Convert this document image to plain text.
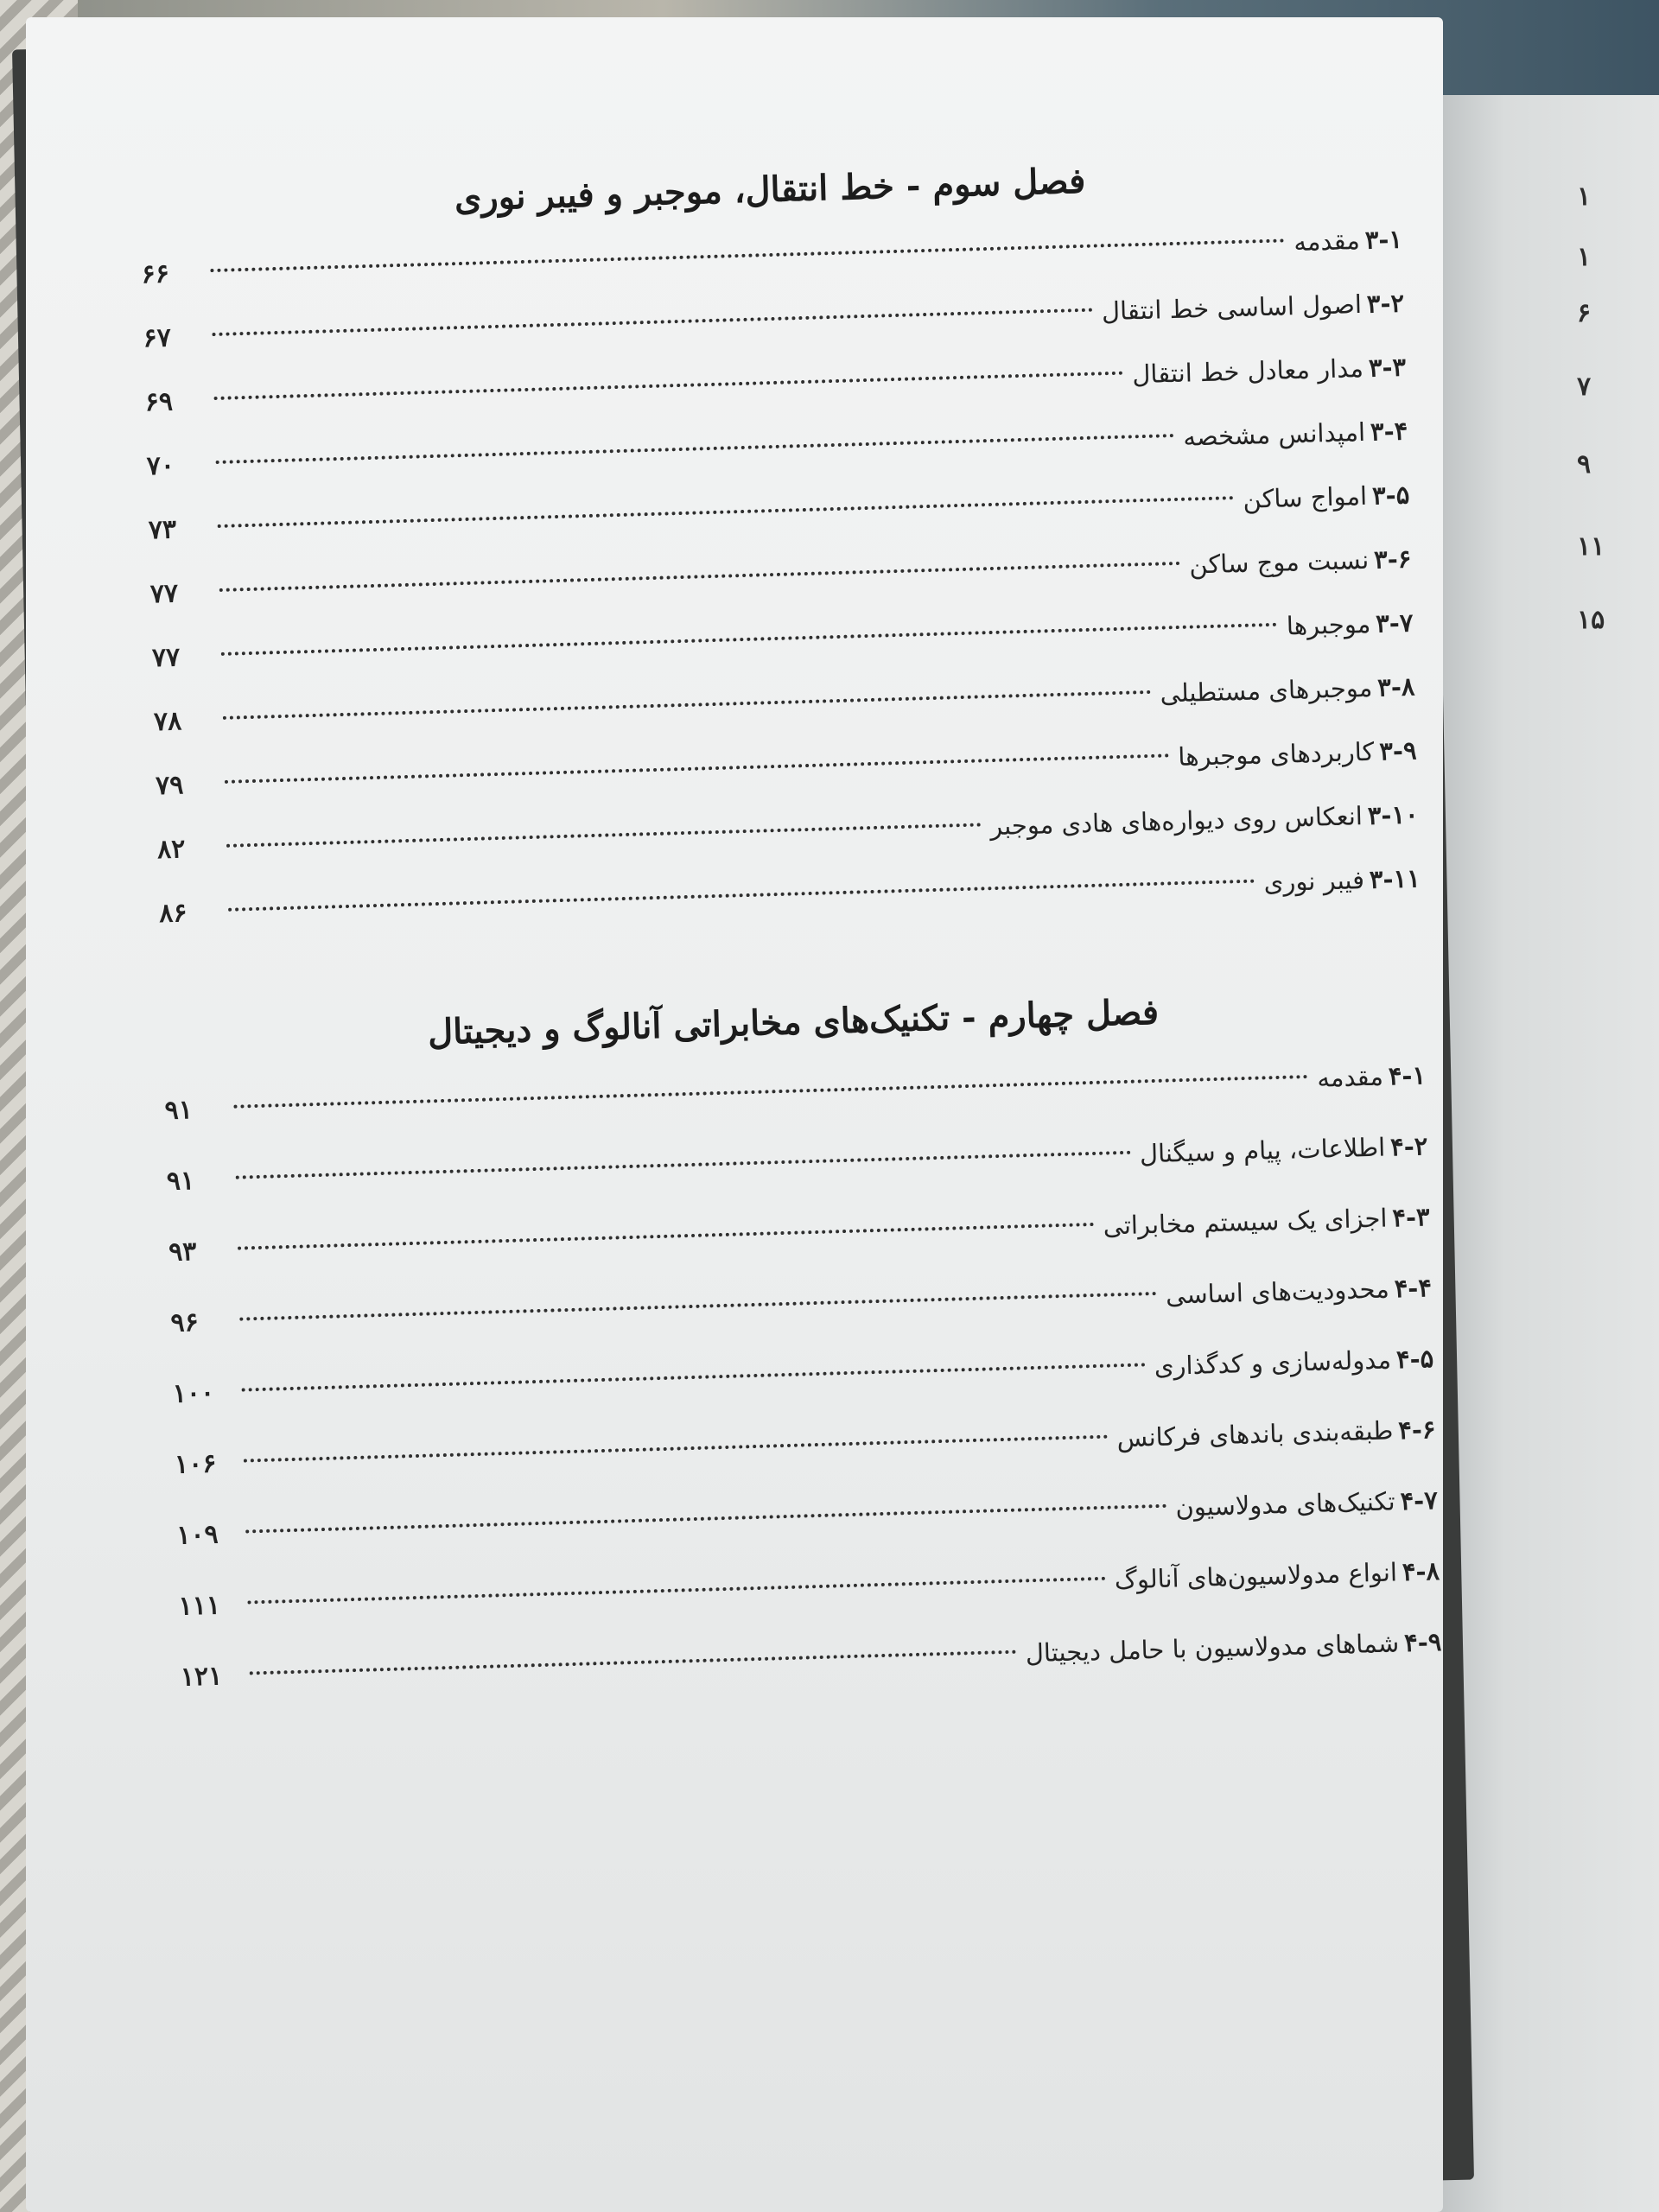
۱
۱
۶
۷
۹
۱۱
۱۵
فصل سوم - خط انتقال، موجبر و فیبر نوری
۳-۱
مقدمه
۶۶
۳-۲
اصول اساسی خط انتقال
۶۷
۳-۳
مدار معادل خط انتقال
۶۹
۳-۴
امپدانس مشخصه
۷۰
۳-۵
امواج ساکن
۷۳
۳-۶
نسبت موج ساکن
۷۷
۳-۷
موجبرها
۷۷
۳-۸
موجبرهای مستطیلی
۷۸
۳-۹
کاربردهای موجبرها
۷۹
۳-۱۰
انعکاس روی دیواره‌های هادی موجبر
۸۲
۳-۱۱
فیبر نوری
۸۶
فصل چهارم - تکنیک‌های مخابراتی آنالوگ و دیجیتال
۴-۱
مقدمه
۹۱
۴-۲
اطلاعات، پیام و سیگنال
۹۱
۴-۳
اجزای یک سیستم مخابراتی
۹۳
۴-۴
محدودیت‌های اساسی
۹۶
۴-۵
مدوله‌سازی و کدگذاری
۱۰۰
۴-۶
طبقه‌بندی باندهای فرکانس
۱۰۶
۴-۷
تکنیک‌های مدولاسیون
۱۰۹
۴-۸
انواع مدولاسیون‌های آنالوگ
۱۱۱
۴-۹
شماهای مدولاسیون با حامل دیجیتال
۱۲۱
